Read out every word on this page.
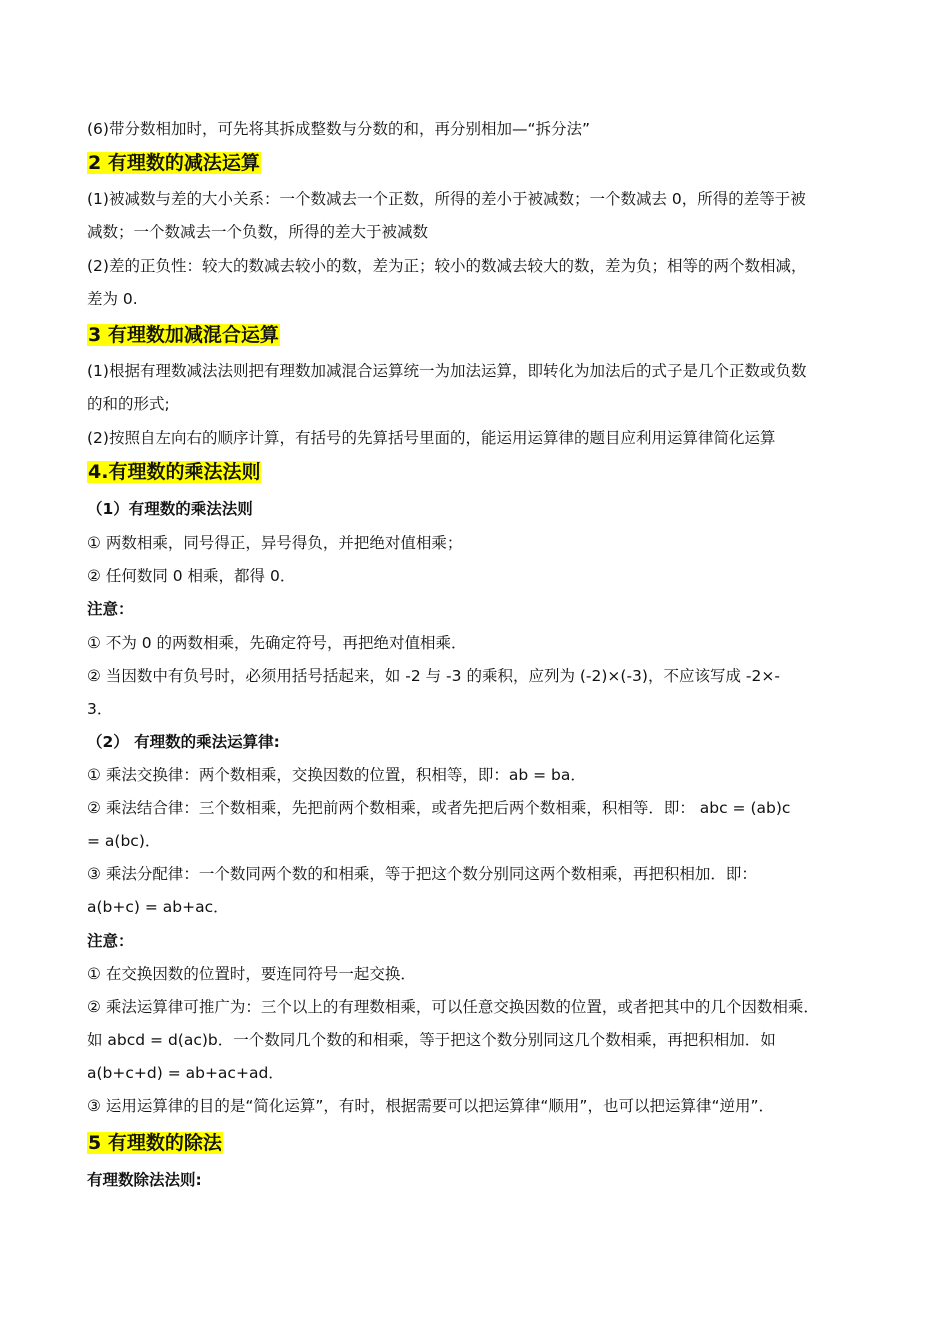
(6)带分数相加时，可先将其拆成整数与分数的和，再分别相加—“拆分法”
2 有理数的减法运算
(1)被减数与差的大小关系：一个数减去一个正数，所得的差小于被减数；一个数减去 0，所得的差等于被
减数；一个数减去一个负数，所得的差大于被减数
(2)差的正负性：较大的数减去较小的数，差为正；较小的数减去较大的数，差为负；相等的两个数相减，
差为 0.
3 有理数加减混合运算
(1)根据有理数减法法则把有理数加减混合运算统一为加法运算，即转化为加法后的式子是几个正数或负数
的和的形式;
(2)按照自左向右的顺序计算，有括号的先算括号里面的，能运用运算律的题目应利用运算律简化运算
4.有理数的乘法法则
（1）有理数的乘法法则
① 两数相乘，同号得正，异号得负，并把绝对值相乘；
② 任何数同 0 相乘，都得 0．
注意：
① 不为 0 的两数相乘，先确定符号，再把绝对值相乘．
② 当因数中有负号时，必须用括号括起来，如 -2 与 -3 的乘积，应列为 (-2)×(-3)，不应该写成 -2×-
3．
（2） 有理数的乘法运算律:
① 乘法交换律：两个数相乘，交换因数的位置，积相等，即：ab = ba．
② 乘法结合律：三个数相乘，先把前两个数相乘，或者先把后两个数相乘，积相等．即： abc = (ab)c
= a(bc)．
③ 乘法分配律：一个数同两个数的和相乘，等于把这个数分别同这两个数相乘，再把积相加．即：
a(b+c) = ab+ac．
注意：
① 在交换因数的位置时，要连同符号一起交换．
② 乘法运算律可推广为：三个以上的有理数相乘，可以任意交换因数的位置，或者把其中的几个因数相乘．
如 abcd = d(ac)b．一个数同几个数的和相乘，等于把这个数分别同这几个数相乘，再把积相加．如
a(b+c+d) = ab+ac+ad．
③ 运用运算律的目的是“简化运算”，有时，根据需要可以把运算律“顺用”，也可以把运算律“逆用”．
5 有理数的除法
有理数除法法则:
